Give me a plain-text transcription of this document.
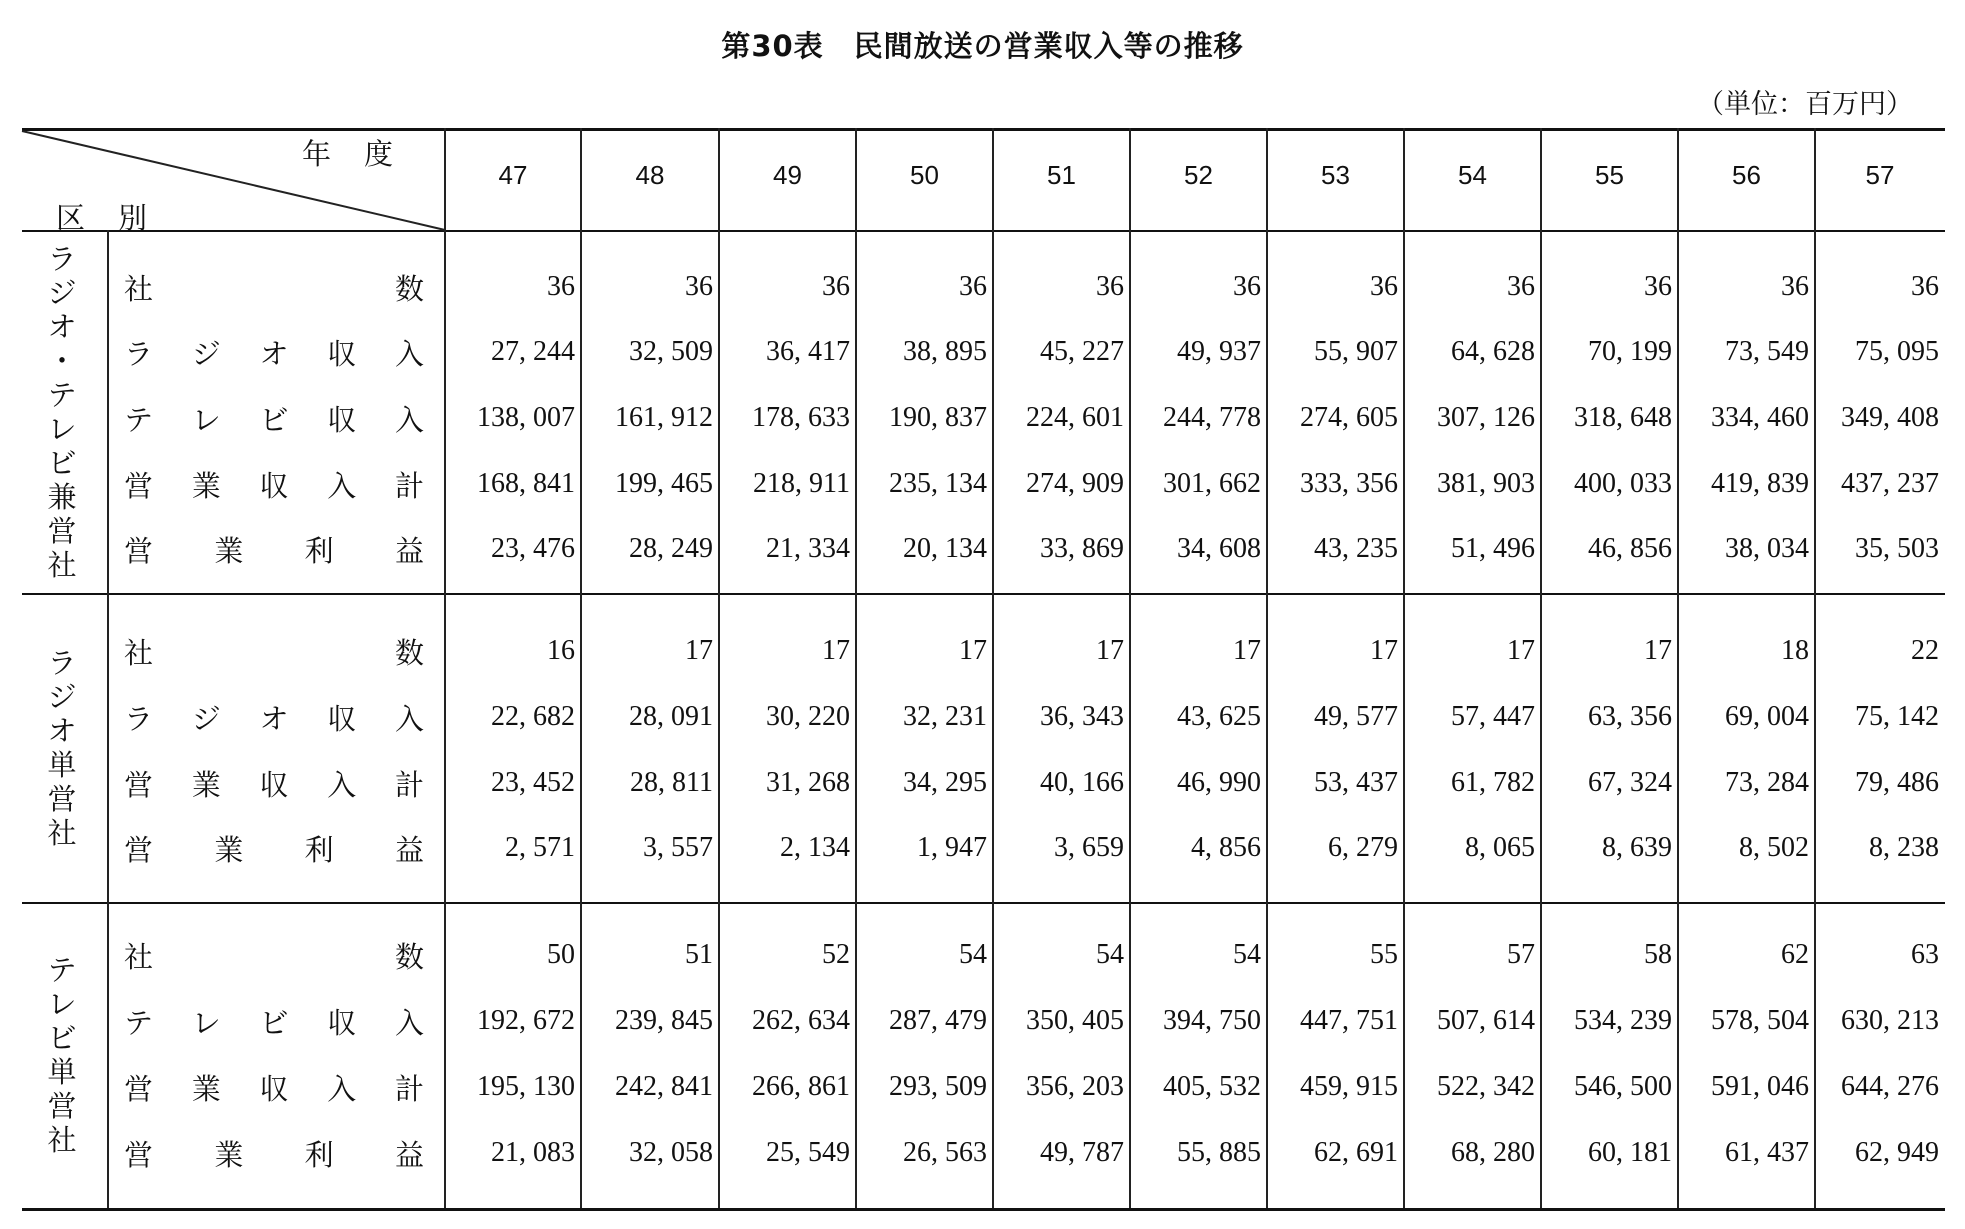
第30表　民間放送の営業収入等の推移
（単位：百万円）
年　度
区　別
47	48	49	50	51	52	53	54	55	56	57
ラ
ジ
オ
・
テ
レ
ビ
兼
営
社
社	数	36	36	36	36	36	36	36	36	36	36	36
ラ ジ オ 収 入	27, 244	32, 509	36, 417	38, 895	45, 227	49, 937	55, 907	64, 628	70, 199	73, 549	75, 095
テ レ ビ 収 入	138, 007	161, 912	178, 633	190, 837	224, 601	244, 778	274, 605	307, 126	318, 648	334, 460	349, 408
営 業 収 入 計	168, 841	199, 465	218, 911	235, 134	274, 909	301, 662	333, 356	381, 903	400, 033	419, 839	437, 237
営 業 利 益	23, 476	28, 249	21, 334	20, 134	33, 869	34, 608	43, 235	51, 496	46, 856	38, 034	35, 503
ラ
ジ
オ
単
営
社
社	数	16	17	17	17	17	17	17	17	17	18	22
ラ ジ オ 収 入	22, 682	28, 091	30, 220	32, 231	36, 343	43, 625	49, 577	57, 447	63, 356	69, 004	75, 142
営 業 収 入 計	23, 452	28, 811	31, 268	34, 295	40, 166	46, 990	53, 437	61, 782	67, 324	73, 284	79, 486
営 業 利 益	2, 571	3, 557	2, 134	1, 947	3, 659	4, 856	6, 279	8, 065	8, 639	8, 502	8, 238
テ
レ
ビ
単
営
社
社	数	50	51	52	54	54	54	55	57	58	62	63
テ レ ビ 収 入	192, 672	239, 845	262, 634	287, 479	350, 405	394, 750	447, 751	507, 614	534, 239	578, 504	630, 213
営 業 収 入 計	195, 130	242, 841	266, 861	293, 509	356, 203	405, 532	459, 915	522, 342	546, 500	591, 046	644, 276
営 業 利 益	21, 083	32, 058	25, 549	26, 563	49, 787	55, 885	62, 691	68, 280	60, 181	61, 437	62, 949
